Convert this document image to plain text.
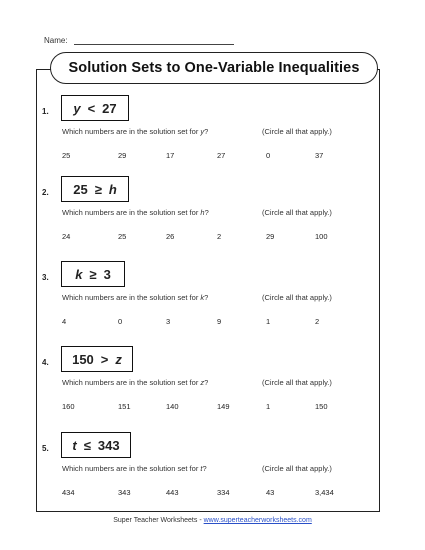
Name:
Solution Sets to One-Variable Inequalities
1. y < 27
Which numbers are in the solution set for y?	(Circle all that apply.)
25	29	17	27	0	37
2. 25 ≥ h
Which numbers are in the solution set for h?	(Circle all that apply.)
24	25	26	2	29	100
3. k ≥ 3
Which numbers are in the solution set for k?	(Circle all that apply.)
4	0	3	9	1	2
4. 150 > z
Which numbers are in the solution set for z?	(Circle all that apply.)
160	151	140	149	1	150
5. t ≤ 343
Which numbers are in the solution set for t?	(Circle all that apply.)
434	343	443	334	43	3,434
Super Teacher Worksheets - www.superteacherworksheets.com
